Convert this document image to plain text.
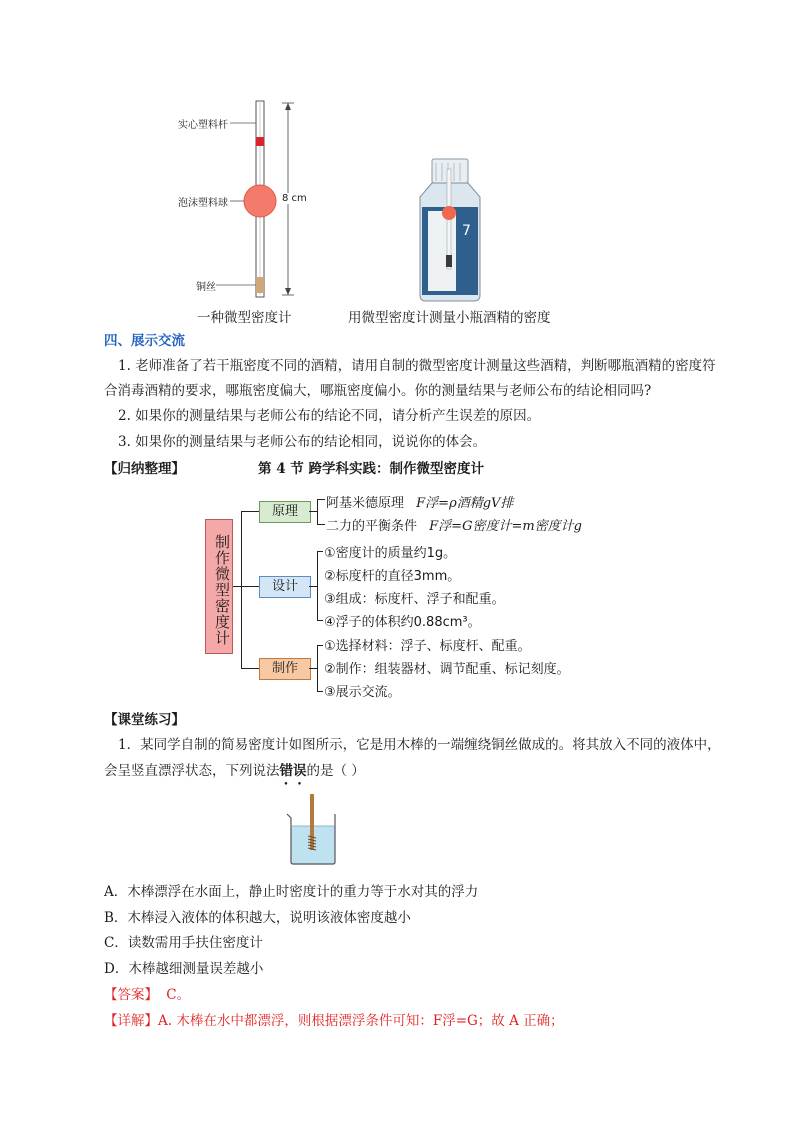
实心塑料杆
泡沫塑料球
铜丝
8 cm
一种微型密度计
7
用微型密度计测量小瓶酒精的密度
四、展示交流
1. 老师准备了若干瓶密度不同的酒精，请用自制的微型密度计测量这些酒精，判断哪瓶酒精的密度符
合消毒酒精的要求，哪瓶密度偏大，哪瓶密度偏小。你的测量结果与老师公布的结论相同吗?
2. 如果你的测量结果与老师公布的结论不同，请分析产生误差的原因。
3. 如果你的测量结果与老师公布的结论相同，说说你的体会。
【归纳整理】	第 4 节 跨学科实践：制作微型密度计
制作微型密度计
原理
阿基米德原理 F浮=ρ酒精gV排
二力的平衡条件 F浮=G密度计=m密度计g
设计
①密度计的质量约1g。
②标度杆的直径3mm。
③组成：标度杆、浮子和配重。
④浮子的体积约0.88cm³。
制作
①选择材料：浮子、标度杆、配重。
②制作：组装器材、调节配重、标记刻度。
③展示交流。
【课堂练习】
1．某同学自制的简易密度计如图所示，它是用木棒的一端缠绕铜丝做成的。将其放入不同的液体中，
会呈竖直漂浮状态，下列说法错误的是（ ）
A．木棒漂浮在水面上，静止时密度计的重力等于水对其的浮力
B．木棒浸入液体的体积越大，说明该液体密度越小
C．读数需用手扶住密度计
D．木棒越细测量误差越小
【答案】 C。
【详解】A. 木棒在水中都漂浮，则根据漂浮条件可知：F浮=G；故 A 正确；
